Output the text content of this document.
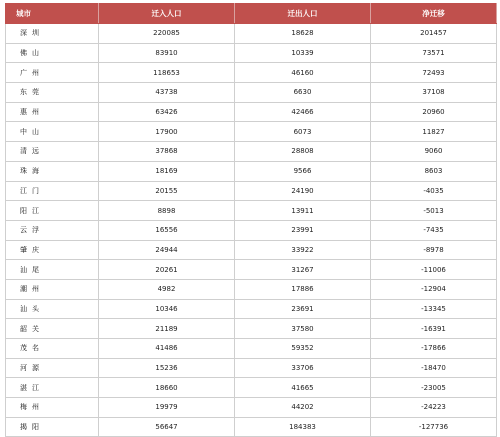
城市	迁入人口	迁出人口	净迁移
深圳	220085	18628	201457
佛山	83910	10339	73571
广州	118653	46160	72493
东莞	43738	6630	37108
惠州	63426	42466	20960
中山	17900	6073	11827
清远	37868	28808	9060
珠海	18169	9566	8603
江门	20155	24190	-4035
阳江	8898	13911	-5013
云浮	16556	23991	-7435
肇庆	24944	33922	-8978
汕尾	20261	31267	-11006
潮州	4982	17886	-12904
汕头	10346	23691	-13345
韶关	21189	37580	-16391
茂名	41486	59352	-17866
河源	15236	33706	-18470
湛江	18660	41665	-23005
梅州	19979	44202	-24223
揭阳	56647	184383	-127736
